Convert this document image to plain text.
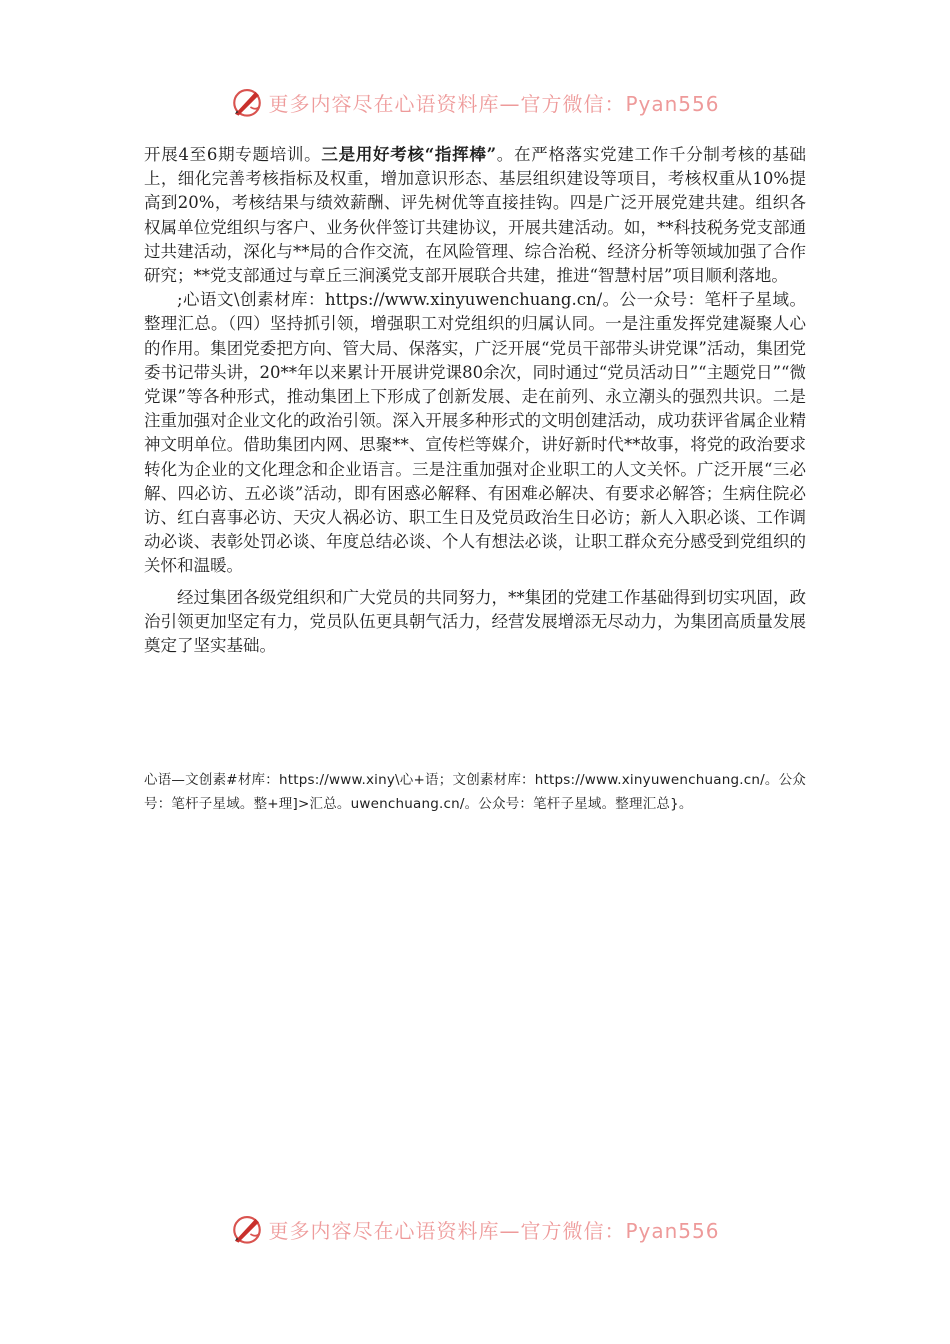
更多内容尽在心语资料库—官方微信：Pyan556

开展4至6期专题培训。三是用好考核“指挥棒”。在严格落实党建工作千分制考核的基础上，细化完善考核指标及权重，增加意识形态、基层组织建设等项目，考核权重从10%提高到20%，考核结果与绩效薪酬、评先树优等直接挂钩。四是广泛开展党建共建。组织各权属单位党组织与客户、业务伙伴签订共建协议，开展共建活动。如，**科技税务党支部通过共建活动，深化与**局的合作交流，在风险管理、综合治税、经济分析等领域加强了合作研究；**党支部通过与章丘三涧溪党支部开展联合共建，推进“智慧村居”项目顺利落地。

;心语文\创素材库：https://www.xinyuwenchuang.cn/。公一众号：笔杆子星域。整理汇总。（四）坚持抓引领，增强职工对党组织的归属认同。一是注重发挥党建凝聚人心的作用。集团党委把方向、管大局、保落实，广泛开展“党员干部带头讲党课”活动，集团党委书记带头讲，20**年以来累计开展讲党课80余次，同时通过“党员活动日”“主题党日”“微党课”等各种形式，推动集团上下形成了创新发展、走在前列、永立潮头的强烈共识。二是注重加强对企业文化的政治引领。深入开展多种形式的文明创建活动，成功获评省属企业精神文明单位。借助集团内网、思聚**、宣传栏等媒介，讲好新时代**故事，将党的政治要求转化为企业的文化理念和企业语言。三是注重加强对企业职工的人文关怀。广泛开展“三必解、四必访、五必谈”活动，即有困惑必解释、有困难必解决、有要求必解答；生病住院必访、红白喜事必访、天灾人祸必访、职工生日及党员政治生日必访；新人入职必谈、工作调动必谈、表彰处罚必谈、年度总结必谈、个人有想法必谈，让职工群众充分感受到党组织的关怀和温暖。

经过集团各级党组织和广大党员的共同努力，**集团的党建工作基础得到切实巩固，政治引领更加坚定有力，党员队伍更具朝气活力，经营发展增添无尽动力，为集团高质量发展奠定了坚实基础。

心语—文创素#材库：https://www.xiny\心+语；文创素材库：https://www.xinyuwenchuang.cn/。公众号：笔杆子星域。整+理]>汇总。uwenchuang.cn/。公众号：笔杆子星域。整理汇总}。
更多内容尽在心语资料库—官方微信：Pyan556
